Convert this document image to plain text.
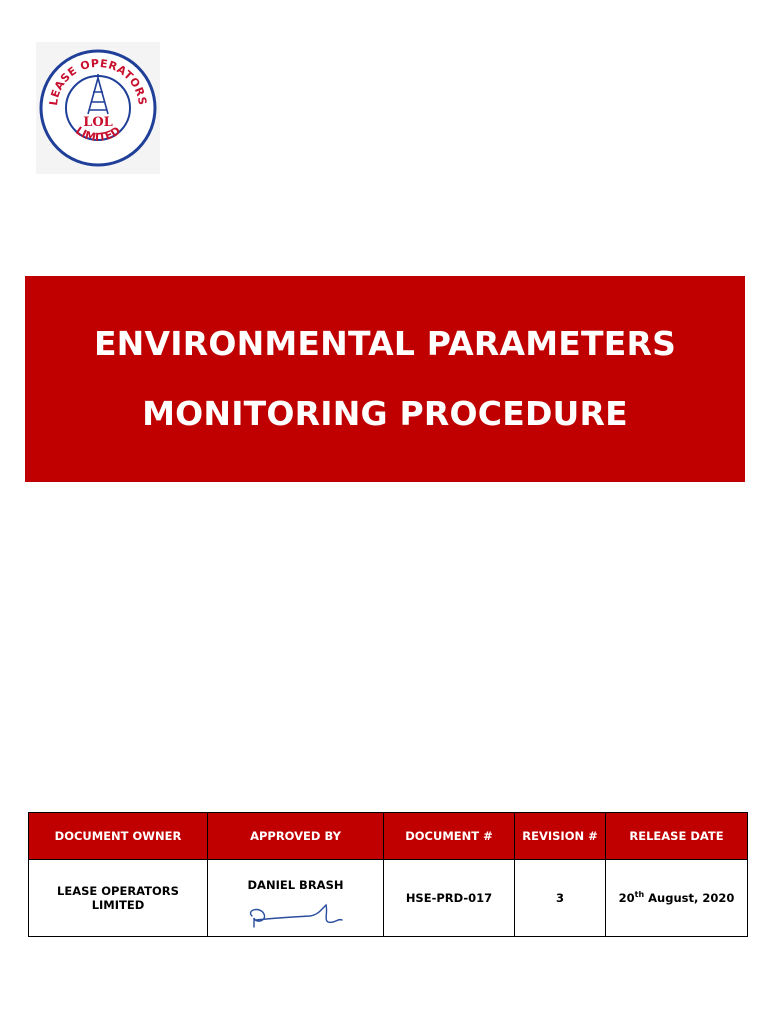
LEASE OPERATORS
LIMITED
LOL
ENVIRONMENTAL PARAMETERS
MONITORING PROCEDURE
DOCUMENT OWNER	APPROVED BY	DOCUMENT #	REVISION #	RELEASE DATE
LEASE OPERATORS LIMITED	DANIEL BRASH	HSE-PRD-017	3	20th August, 2020
